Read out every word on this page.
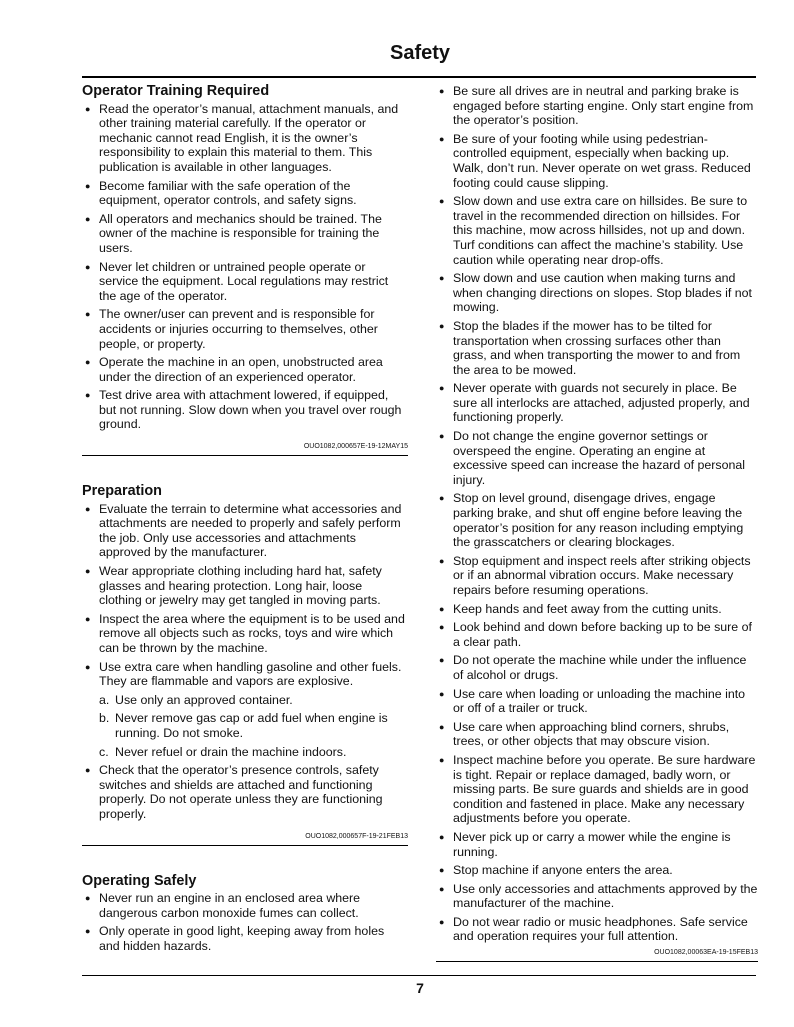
Safety
Operator Training Required
● Read the operator’s manual, attachment manuals, and other training material carefully. If the operator or mechanic cannot read English, it is the owner’s responsibility to explain this material to them. This publication is available in other languages.
● Become familiar with the safe operation of the equipment, operator controls, and safety signs.
● All operators and mechanics should be trained. The owner of the machine is responsible for training the users.
● Never let children or untrained people operate or service the equipment. Local regulations may restrict the age of the operator.
● The owner/user can prevent and is responsible for accidents or injuries occurring to themselves, other people, or property.
● Operate the machine in an open, unobstructed area under the direction of an experienced operator.
● Test drive area with attachment lowered, if equipped, but not running. Slow down when you travel over rough ground.
OUO1082,000657E-19-12MAY15
Preparation
● Evaluate the terrain to determine what accessories and attachments are needed to properly and safely perform the job. Only use accessories and attachments approved by the manufacturer.
● Wear appropriate clothing including hard hat, safety glasses and hearing protection. Long hair, loose clothing or jewelry may get tangled in moving parts.
● Inspect the area where the equipment is to be used and remove all objects such as rocks, toys and wire which can be thrown by the machine.
● Use extra care when handling gasoline and other fuels. They are flammable and vapors are explosive.
a. Use only an approved container.
b. Never remove gas cap or add fuel when engine is running. Do not smoke.
c. Never refuel or drain the machine indoors.
● Check that the operator’s presence controls, safety switches and shields are attached and functioning properly. Do not operate unless they are functioning properly.
OUO1082,000657F-19-21FEB13
Operating Safely
● Never run an engine in an enclosed area where dangerous carbon monoxide fumes can collect.
● Only operate in good light, keeping away from holes and hidden hazards.
● Be sure all drives are in neutral and parking brake is engaged before starting engine. Only start engine from the operator’s position.
● Be sure of your footing while using pedestrian-controlled equipment, especially when backing up. Walk, don’t run. Never operate on wet grass. Reduced footing could cause slipping.
● Slow down and use extra care on hillsides. Be sure to travel in the recommended direction on hillsides. For this machine, mow across hillsides, not up and down. Turf conditions can affect the machine’s stability. Use caution while operating near drop-offs.
● Slow down and use caution when making turns and when changing directions on slopes. Stop blades if not mowing.
● Stop the blades if the mower has to be tilted for transportation when crossing surfaces other than grass, and when transporting the mower to and from the area to be mowed.
● Never operate with guards not securely in place. Be sure all interlocks are attached, adjusted properly, and functioning properly.
● Do not change the engine governor settings or overspeed the engine. Operating an engine at excessive speed can increase the hazard of personal injury.
● Stop on level ground, disengage drives, engage parking brake, and shut off engine before leaving the operator’s position for any reason including emptying the grasscatchers or clearing blockages.
● Stop equipment and inspect reels after striking objects or if an abnormal vibration occurs. Make necessary repairs before resuming operations.
● Keep hands and feet away from the cutting units.
● Look behind and down before backing up to be sure of a clear path.
● Do not operate the machine while under the influence of alcohol or drugs.
● Use care when loading or unloading the machine into or off of a trailer or truck.
● Use care when approaching blind corners, shrubs, trees, or other objects that may obscure vision.
● Inspect machine before you operate. Be sure hardware is tight. Repair or replace damaged, badly worn, or missing parts. Be sure guards and shields are in good condition and fastened in place. Make any necessary adjustments before you operate.
● Never pick up or carry a mower while the engine is running.
● Stop machine if anyone enters the area.
● Use only accessories and attachments approved by the manufacturer of the machine.
● Do not wear radio or music headphones. Safe service and operation requires your full attention.
OUO1082,00063EA-19-15FEB13
7
